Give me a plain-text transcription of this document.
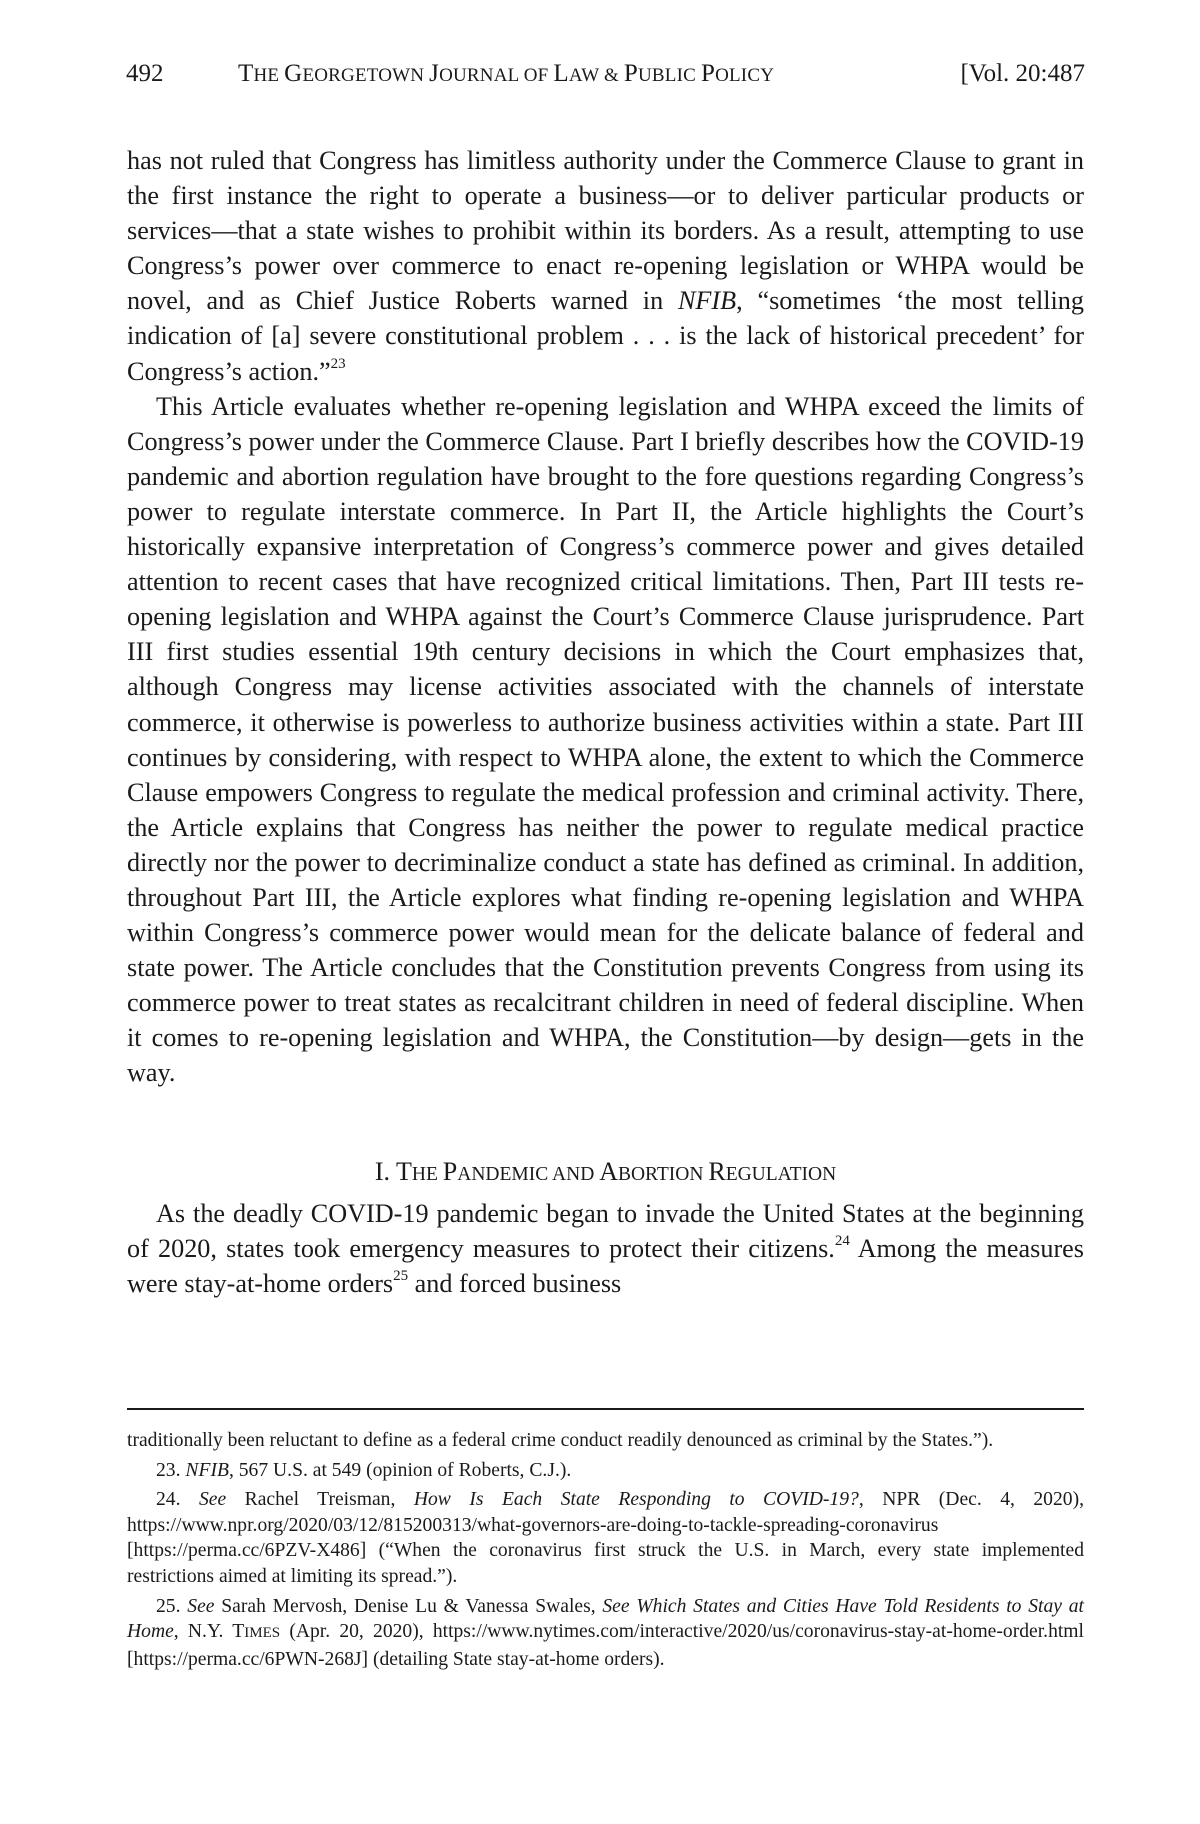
492	THE GEORGETOWN JOURNAL OF LAW & PUBLIC POLICY	[Vol. 20:487

has not ruled that Congress has limitless authority under the Commerce Clause to grant in the first instance the right to operate a business—or to deliver particular products or services—that a state wishes to prohibit within its borders. As a result, attempting to use Congress’s power over commerce to enact re-opening legislation or WHPA would be novel, and as Chief Justice Roberts warned in NFIB, “sometimes ‘the most telling indication of [a] severe constitutional problem . . . is the lack of historical precedent’ for Congress’s action.”$^{23}$

This Article evaluates whether re-opening legislation and WHPA exceed the limits of Congress’s power under the Commerce Clause. Part I briefly describes how the COVID-19 pandemic and abortion regulation have brought to the fore questions regarding Congress’s power to regulate interstate commerce. In Part II, the Article highlights the Court’s historically expansive interpretation of Congress’s commerce power and gives detailed attention to recent cases that have recognized critical limitations. Then, Part III tests re-opening legislation and WHPA against the Court’s Commerce Clause jurisprudence. Part III first studies essential 19th century decisions in which the Court emphasizes that, although Congress may license activities associated with the channels of interstate commerce, it otherwise is powerless to authorize business activities within a state. Part III continues by considering, with respect to WHPA alone, the extent to which the Commerce Clause empowers Congress to regulate the medical profession and criminal activity. There, the Article explains that Congress has neither the power to regulate medical practice directly nor the power to decriminalize conduct a state has defined as criminal. In addition, throughout Part III, the Article explores what finding re-opening legislation and WHPA within Congress’s commerce power would mean for the delicate balance of federal and state power. The Article concludes that the Constitution prevents Congress from using its commerce power to treat states as recalcitrant children in need of federal discipline. When it comes to re-opening legislation and WHPA, the Constitution—by design—gets in the way.

I. THE PANDEMIC AND ABORTION REGULATION

As the deadly COVID-19 pandemic began to invade the United States at the beginning of 2020, states took emergency measures to protect their citizens.$^{24}$ Among the measures were stay-at-home orders$^{25}$ and forced business

traditionally been reluctant to define as a federal crime conduct readily denounced as criminal by the States.”).

23. NFIB, 567 U.S. at 549 (opinion of Roberts, C.J.).

24. See Rachel Treisman, How Is Each State Responding to COVID-19?, NPR (Dec. 4, 2020), https://www.npr.org/2020/03/12/815200313/what-governors-are-doing-to-tackle-spreading-coronavirus [https://perma.cc/6PZV-X486] (“When the coronavirus first struck the U.S. in March, every state implemented restrictions aimed at limiting its spread.”).

25. See Sarah Mervosh, Denise Lu & Vanessa Swales, See Which States and Cities Have Told Residents to Stay at Home, N.Y. TIMES (Apr. 20, 2020), https://www.nytimes.com/interactive/2020/us/coronavirus-stay-at-home-order.html [https://perma.cc/6PWN-268J] (detailing State stay-at-home orders).
